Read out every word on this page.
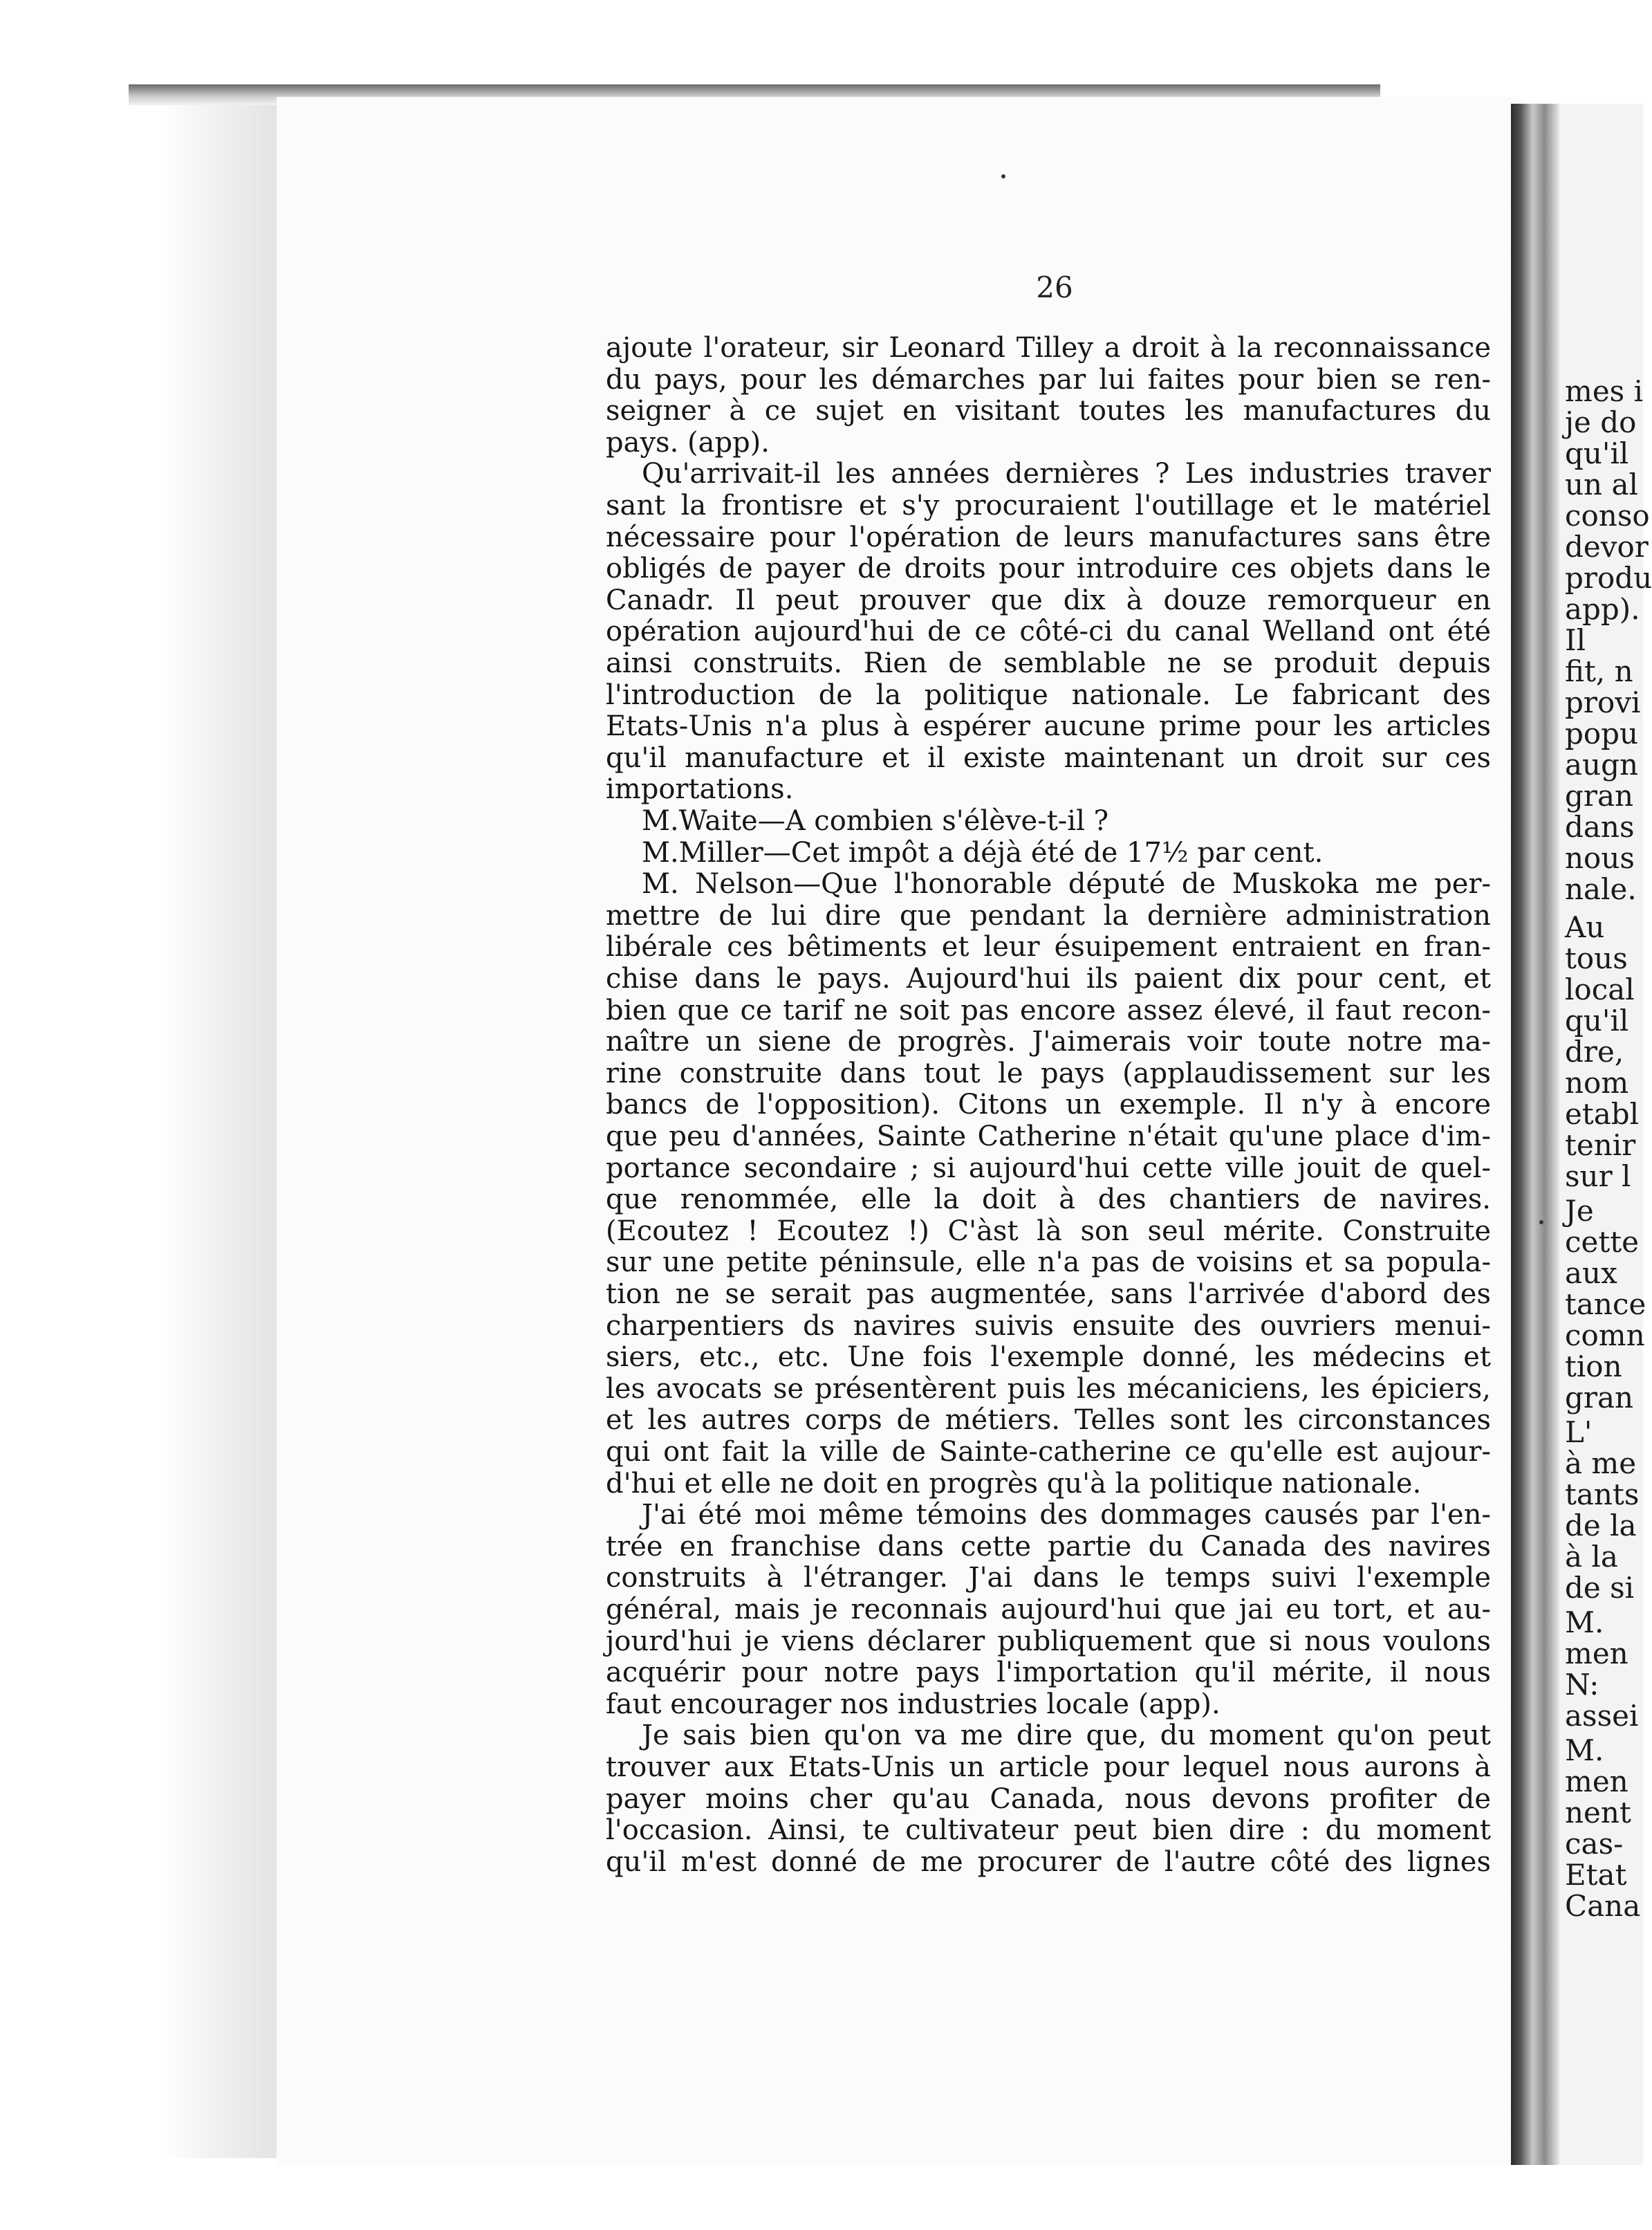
mes i
je do
qu'il
un al
conso
devor
produ
app).
Il
fit, n
provi
popu
augn
gran
dans
nous
nale.
Au
tous
local
qu'il
dre,
nom
etabl
tenir
sur l
Je
cette
aux
tance
comn
tion
gran
L'
à me
tants
de la
à la
de si
M.
men
N:
assei
M.
men
nent
cas-
Etat
Cana
26
ajoute l'orateur, sir Leonard Tilley a droit à la reconnaissance
du pays, pour les démarches par lui faites pour bien se ren-
seigner à ce sujet en visitant toutes les manufactures du
pays. (app).
Qu'arrivait-il les années dernières ? Les industries traver
sant la frontisre et s'y procuraient l'outillage et le matériel
nécessaire pour l'opération de leurs manufactures sans être
obligés de payer de droits pour introduire ces objets dans le
Canadr. Il peut prouver que dix à douze remorqueur en
opération aujourd'hui de ce côté-ci du canal Welland ont été
ainsi construits. Rien de semblable ne se produit depuis
l'introduction de la politique nationale. Le fabricant des
Etats-Unis n'a plus à espérer aucune prime pour les articles
qu'il manufacture et il existe maintenant un droit sur ces
importations.
M.Waite—A combien s'élève-t-il ?
M.Miller—Cet impôt a déjà été de 17½ par cent.
M. Nelson—Que l'honorable député de Muskoka me per-
mettre de lui dire que pendant la dernière administration
libérale ces bêtiments et leur ésuipement entraient en fran-
chise dans le pays. Aujourd'hui ils paient dix pour cent, et
bien que ce tarif ne soit pas encore assez élevé, il faut recon-
naître un siene de progrès. J'aimerais voir toute notre ma-
rine construite dans tout le pays (applaudissement sur les
bancs de l'opposition). Citons un exemple. Il n'y à encore
que peu d'années, Sainte Catherine n'était qu'une place d'im-
portance secondaire ; si aujourd'hui cette ville jouit de quel-
que renommée, elle la doit à des chantiers de navires.
(Ecoutez ! Ecoutez !) C'àst là son seul mérite. Construite
sur une petite péninsule, elle n'a pas de voisins et sa popula-
tion ne se serait pas augmentée, sans l'arrivée d'abord des
charpentiers ds navires suivis ensuite des ouvriers menui-
siers, etc., etc. Une fois l'exemple donné, les médecins et
les avocats se présentèrent puis les mécaniciens, les épiciers,
et les autres corps de métiers. Telles sont les circonstances
qui ont fait la ville de Sainte-catherine ce qu'elle est aujour-
d'hui et elle ne doit en progrès qu'à la politique nationale.
J'ai été moi même témoins des dommages causés par l'en-
trée en franchise dans cette partie du Canada des navires
construits à l'étranger. J'ai dans le temps suivi l'exemple
général, mais je reconnais aujourd'hui que jai eu tort, et au-
jourd'hui je viens déclarer publiquement que si nous voulons
acquérir pour notre pays l'importation qu'il mérite, il nous
faut encourager nos industries locale (app).
Je sais bien qu'on va me dire que, du moment qu'on peut
trouver aux Etats-Unis un article pour lequel nous aurons à
payer moins cher qu'au Canada, nous devons profiter de
l'occasion. Ainsi, te cultivateur peut bien dire : du moment
qu'il m'est donné de me procurer de l'autre côté des lignes
